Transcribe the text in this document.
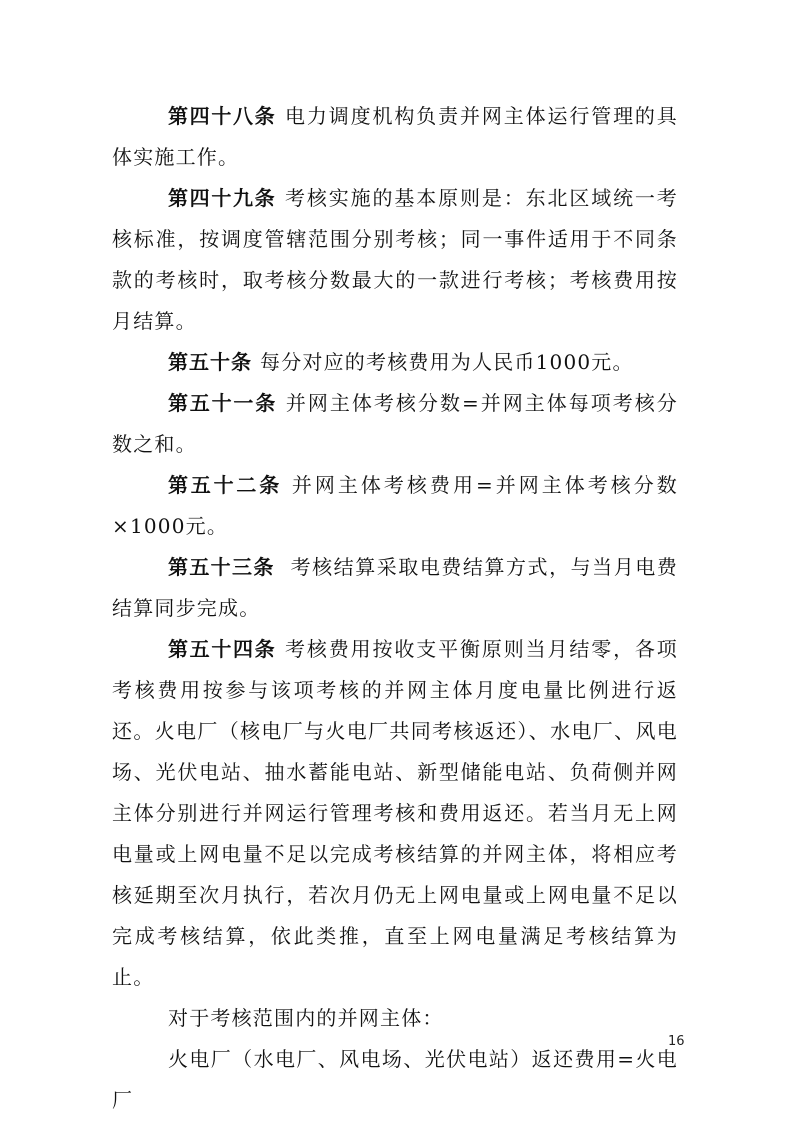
第四十八条 电力调度机构负责并网主体运行管理的具体实施工作。

第四十九条 考核实施的基本原则是：东北区域统一考核标准，按调度管辖范围分别考核；同一事件适用于不同条款的考核时，取考核分数最大的一款进行考核；考核费用按月结算。

第五十条 每分对应的考核费用为人民币1000元。

第五十一条 并网主体考核分数=并网主体每项考核分数之和。

第五十二条 并网主体考核费用=并网主体考核分数×1000元。

第五十三条 考核结算采取电费结算方式，与当月电费结算同步完成。

第五十四条 考核费用按收支平衡原则当月结零，各项考核费用按参与该项考核的并网主体月度电量比例进行返还。火电厂（核电厂与火电厂共同考核返还）、水电厂、风电场、光伏电站、抽水蓄能电站、新型储能电站、负荷侧并网主体分别进行并网运行管理考核和费用返还。若当月无上网电量或上网电量不足以完成考核结算的并网主体，将相应考核延期至次月执行，若次月仍无上网电量或上网电量不足以完成考核结算，依此类推，直至上网电量满足考核结算为止。

对于考核范围内的并网主体：

火电厂（水电厂、风电场、光伏电站）返还费用=火电厂

16
